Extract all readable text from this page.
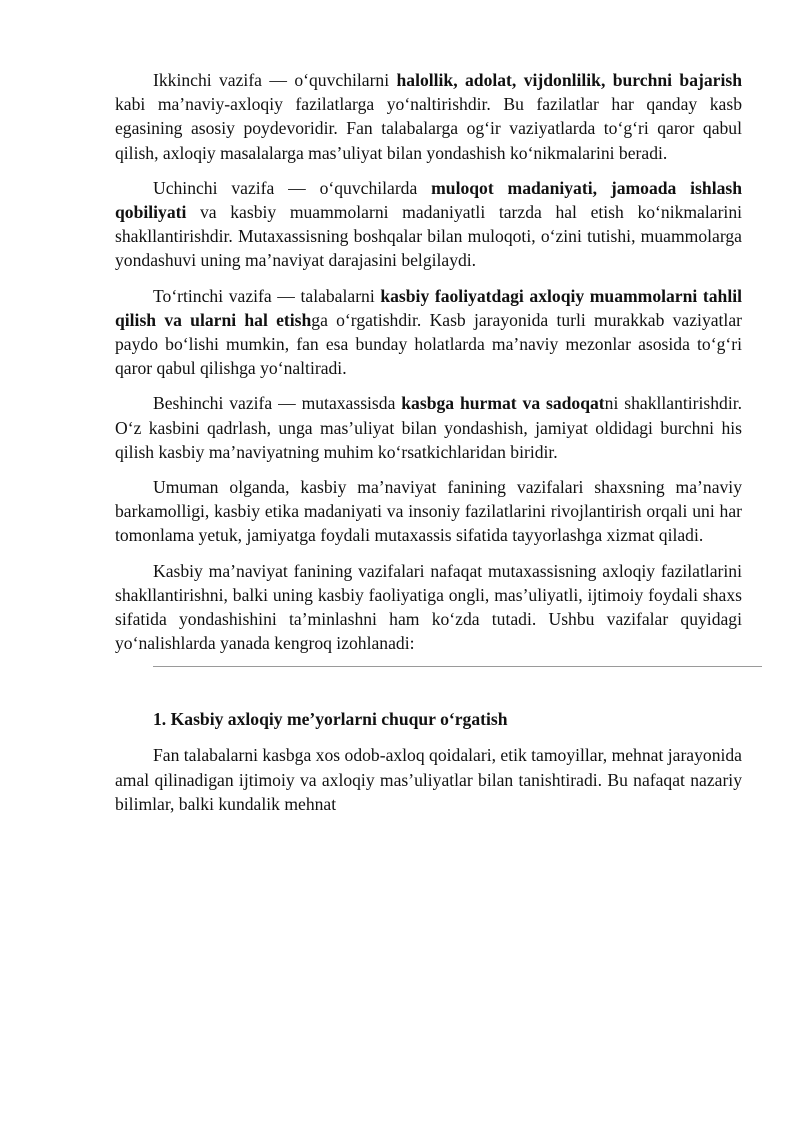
Ikkinchi vazifa — o‘quvchilarni halollik, adolat, vijdonlilik, burchni bajarish kabi ma’naviy-axloqiy fazilatlarga yo‘naltirishdir. Bu fazilatlar har qanday kasb egasining asosiy poydevoridir. Fan talabalarga og‘ir vaziyatlarda to‘g‘ri qaror qabul qilish, axloqiy masalalarga mas’uliyat bilan yondashish ko‘nikmalarini beradi.

Uchinchi vazifa — o‘quvchilarda muloqot madaniyati, jamoada ishlash qobiliyati va kasbiy muammolarni madaniyatli tarzda hal etish ko‘nikmalarini shakllantirishdir. Mutaxassisning boshqalar bilan muloqoti, o‘zini tutishi, muammolarga yondashuvi uning ma’naviyat darajasini belgilaydi.

To‘rtinchi vazifa — talabalarni kasbiy faoliyatdagi axloqiy muammolarni tahlil qilish va ularni hal etishga o‘rgatishdir. Kasb jarayonida turli murakkab vaziyatlar paydo bo‘lishi mumkin, fan esa bunday holatlarda ma’naviy mezonlar asosida to‘g‘ri qaror qabul qilishga yo‘naltiradi.

Beshinchi vazifa — mutaxassisda kasbga hurmat va sadoqatni shakllantirishdir. O‘z kasbini qadrlash, unga mas’uliyat bilan yondashish, jamiyat oldidagi burchni his qilish kasbiy ma’naviyatning muhim ko‘rsatkichlaridan biridir.

Umuman olganda, kasbiy ma’naviyat fanining vazifalari shaxsning ma’naviy barkamolligi, kasbiy etika madaniyati va insoniy fazilatlarini rivojlantirish orqali uni har tomonlama yetuk, jamiyatga foydali mutaxassis sifatida tayyorlashga xizmat qiladi.

Kasbiy ma’naviyat fanining vazifalari nafaqat mutaxassisning axloqiy fazilatlarini shakllantirishni, balki uning kasbiy faoliyatiga ongli, mas’uliyatli, ijtimoiy foydali shaxs sifatida yondashishini ta’minlashni ham ko‘zda tutadi. Ushbu vazifalar quyidagi yo‘nalishlarda yanada kengroq izohlanadi:

1. Kasbiy axloqiy me’yorlarni chuqur o‘rgatish

Fan talabalarni kasbga xos odob-axloq qoidalari, etik tamoyillar, mehnat jarayonida amal qilinadigan ijtimoiy va axloqiy mas’uliyatlar bilan tanishtiradi. Bu nafaqat nazariy bilimlar, balki kundalik mehnat
